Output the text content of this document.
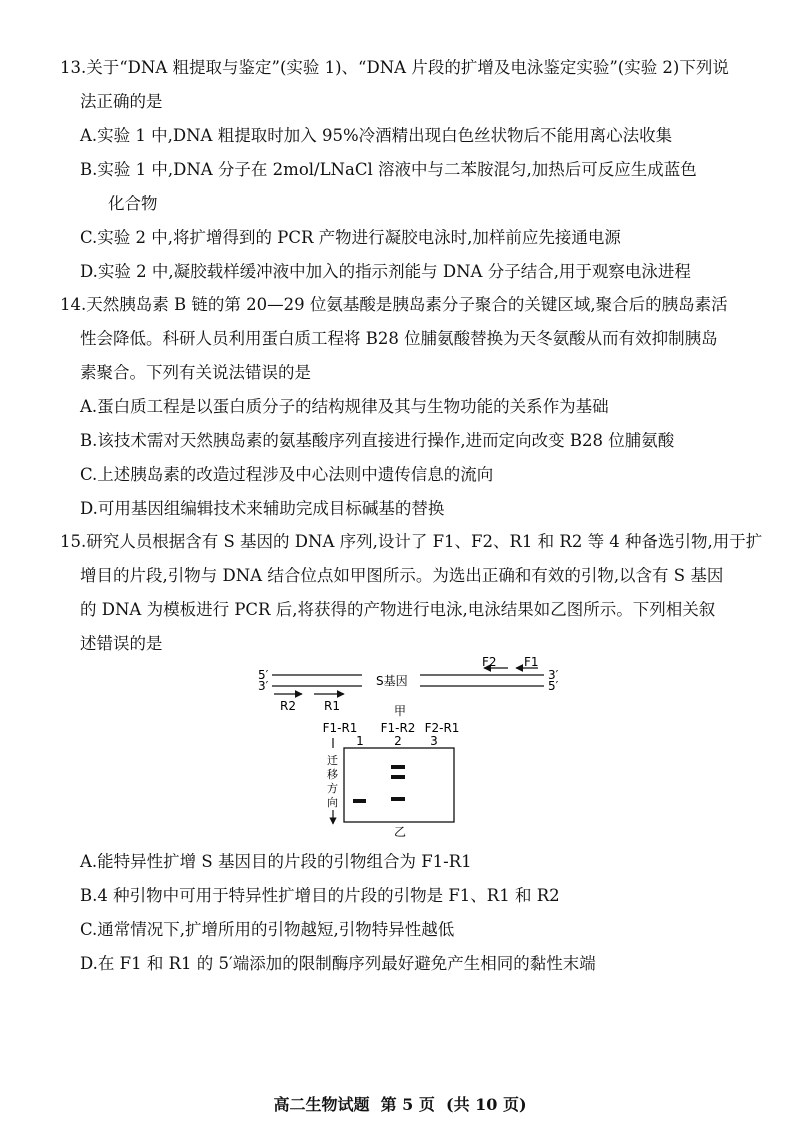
13.关于“DNA 粗提取与鉴定”(实验 1)、“DNA 片段的扩增及电泳鉴定实验”(实验 2)下列说
法正确的是
A.实验 1 中,DNA 粗提取时加入 95%冷酒精出现白色丝状物后不能用离心法收集
B.实验 1 中,DNA 分子在 2mol/LNaCl 溶液中与二苯胺混匀,加热后可反应生成蓝色
化合物
C.实验 2 中,将扩增得到的 PCR 产物进行凝胶电泳时,加样前应先接通电源
D.实验 2 中,凝胶载样缓冲液中加入的指示剂能与 DNA 分子结合,用于观察电泳进程
14.天然胰岛素 B 链的第 20—29 位氨基酸是胰岛素分子聚合的关键区域,聚合后的胰岛素活
性会降低。科研人员利用蛋白质工程将 B28 位脯氨酸替换为天冬氨酸从而有效抑制胰岛
素聚合。下列有关说法错误的是
A.蛋白质工程是以蛋白质分子的结构规律及其与生物功能的关系作为基础
B.该技术需对天然胰岛素的氨基酸序列直接进行操作,进而定向改变 B28 位脯氨酸
C.上述胰岛素的改造过程涉及中心法则中遗传信息的流向
D.可用基因组编辑技术来辅助完成目标碱基的替换
15.研究人员根据含有 S 基因的 DNA 序列,设计了 F1、F2、R1 和 R2 等 4 种备选引物,用于扩
增目的片段,引物与 DNA 结合位点如甲图所示。为选出正确和有效的引物,以含有 S 基因
的 DNA 为模板进行 PCR 后,将获得的产物进行电泳,电泳结果如乙图所示。下列相关叙
述错误的是
5′
3′	S基因	3′
5′
F2 F1
R2 R1	甲
F1-R1 F1-R2 F2-R1
1	2 3
迁
移
方
向
乙
A.能特异性扩增 S 基因目的片段的引物组合为 F1-R1
B.4 种引物中可用于特异性扩增目的片段的引物是 F1、R1 和 R2
C.通常情况下,扩增所用的引物越短,引物特异性越低
D.在 F1 和 R1 的 5′端添加的限制酶序列最好避免产生相同的黏性末端
高二生物试题  第 5 页  (共 10 页)
